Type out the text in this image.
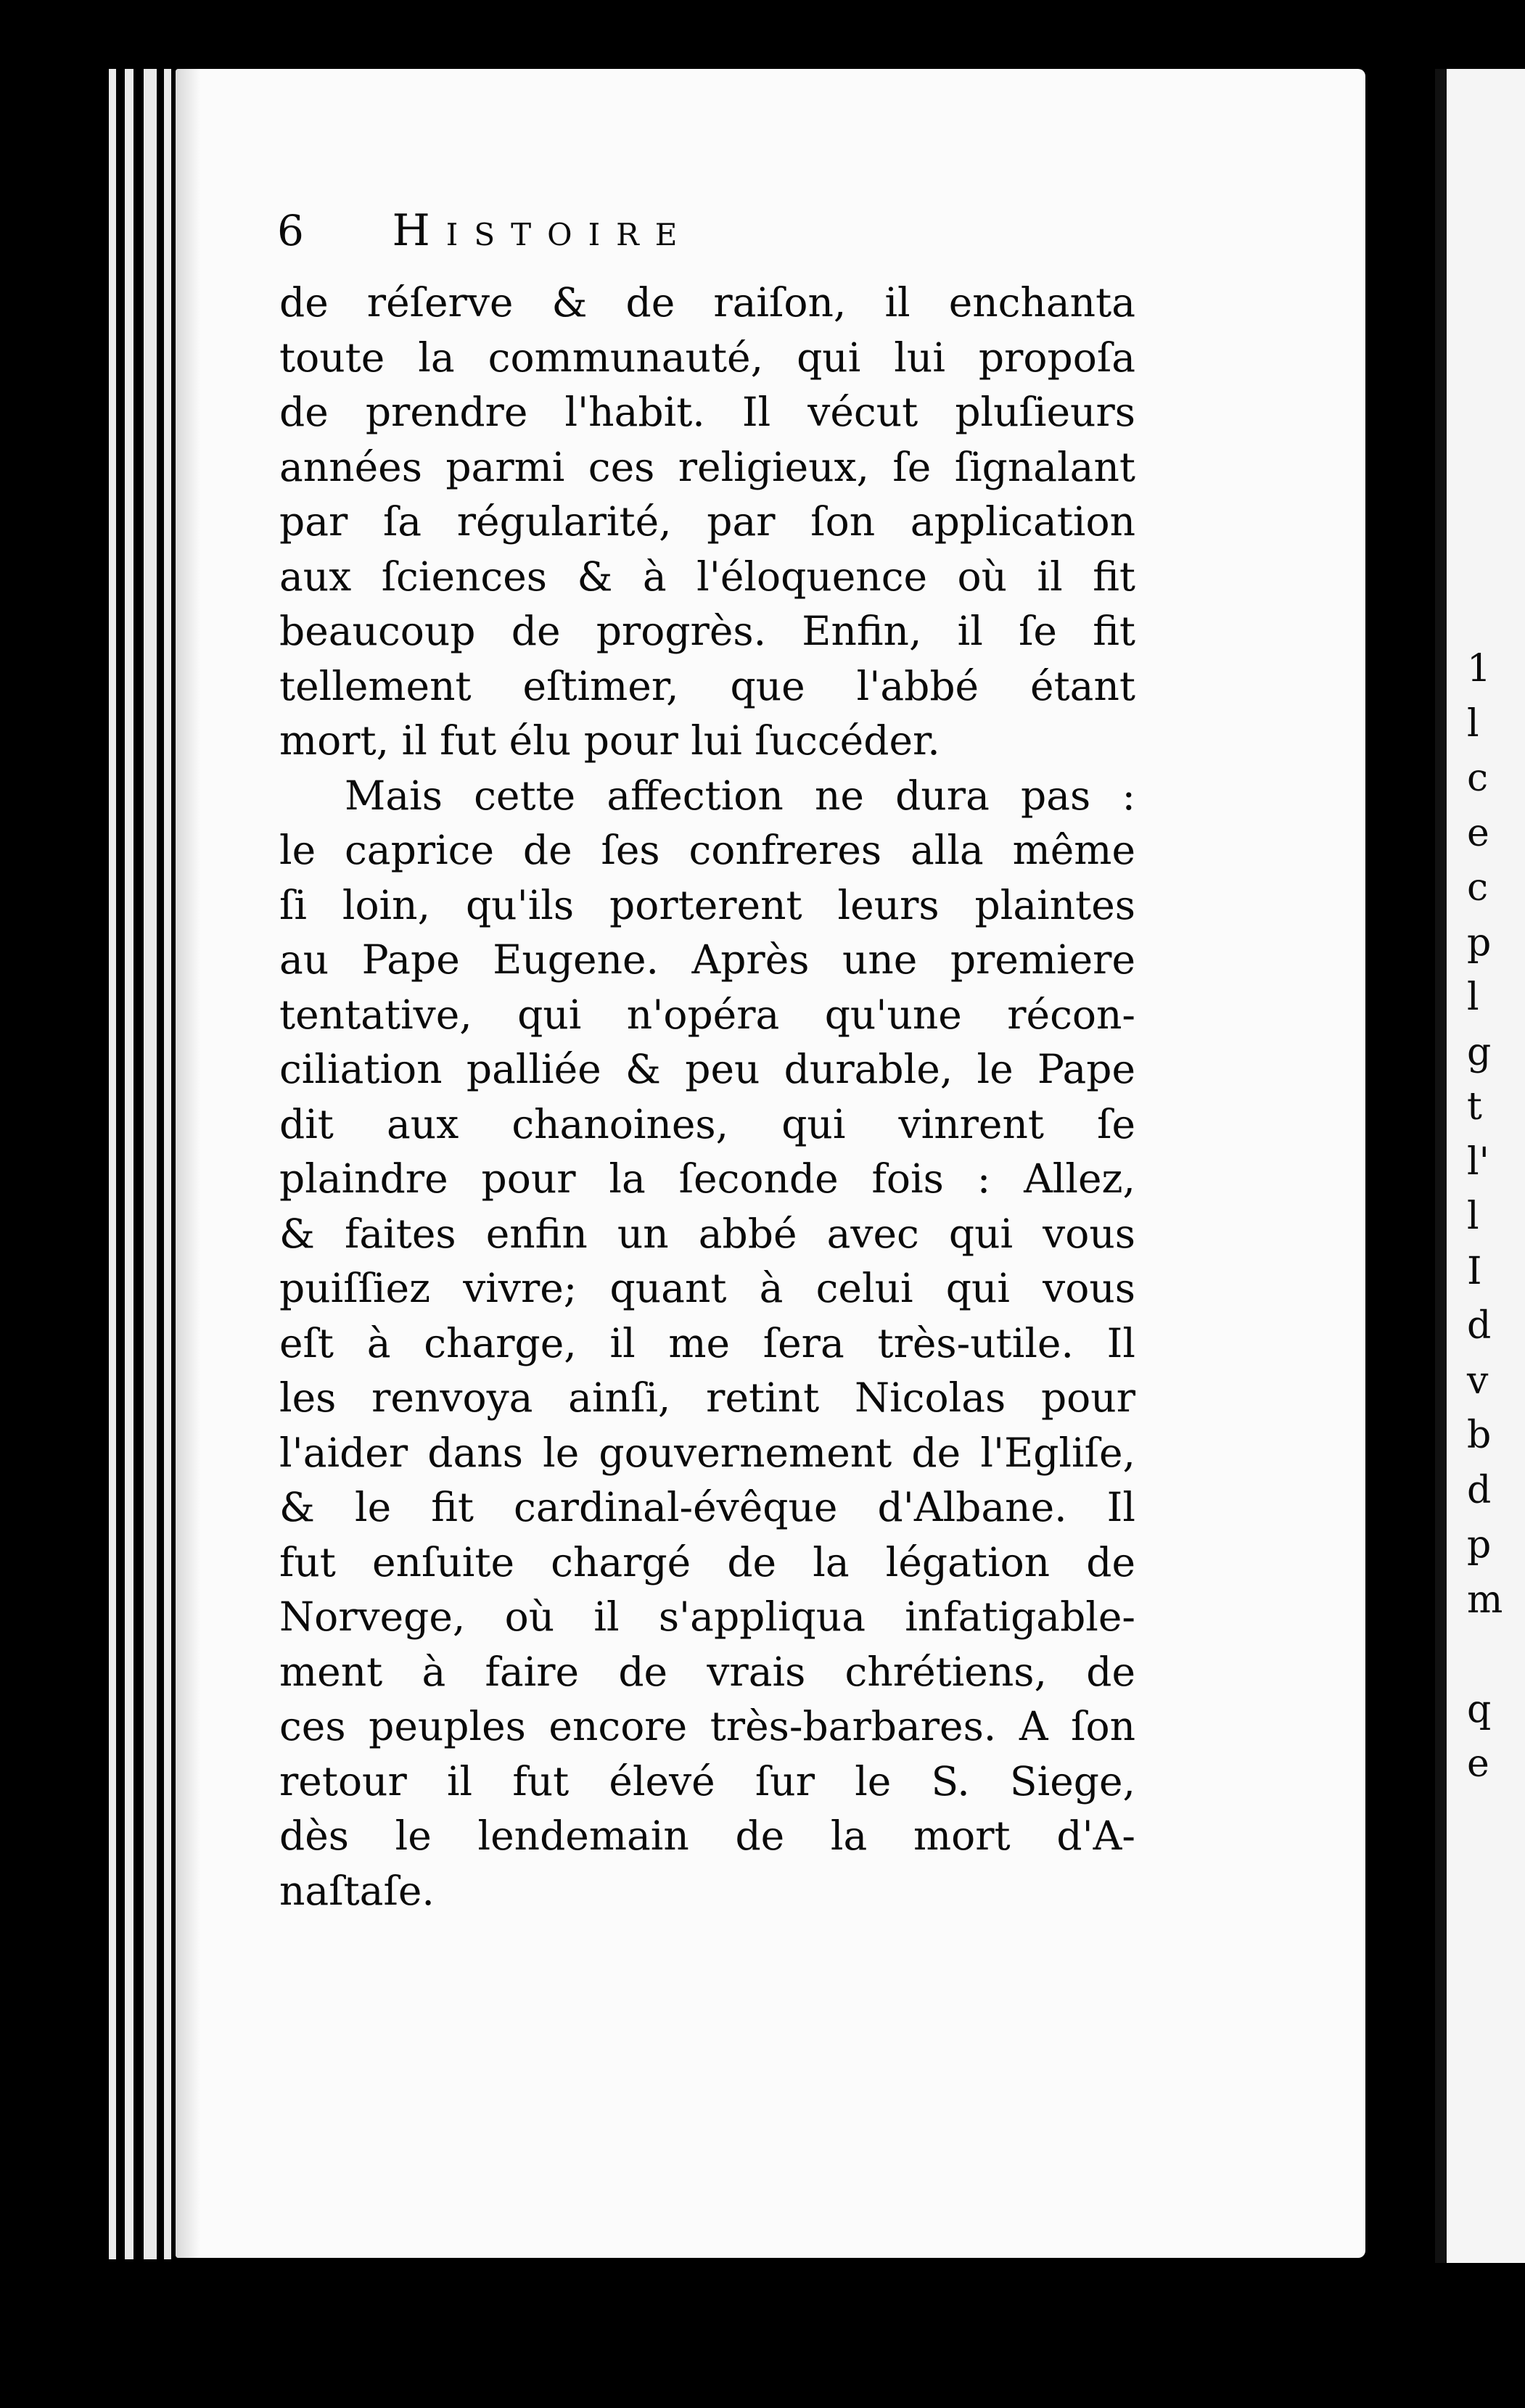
6 Histoire
de réſerve & de raiſon, il enchanta
toute la communauté, qui lui propoſa
de prendre l'habit. Il vécut pluſieurs
années parmi ces religieux, ſe ſignalant
par ſa régularité, par ſon application
aux ſciences & à l'éloquence où il fit
beaucoup de progrès. Enfin, il ſe fit
tellement eſtimer, que l'abbé étant
mort, il fut élu pour lui ſuccéder.
Mais cette affection ne dura pas :
le caprice de ſes confreres alla même
ſi loin, qu'ils porterent leurs plaintes
au Pape Eugene. Après une premiere
tentative, qui n'opéra qu'une récon-
ciliation palliée & peu durable, le Pape
dit aux chanoines, qui vinrent ſe
plaindre pour la ſeconde fois : Allez,
& faites enfin un abbé avec qui vous
puiſſiez vivre; quant à celui qui vous
eſt à charge, il me ſera très-utile. Il
les renvoya ainſi, retint Nicolas pour
l'aider dans le gouvernement de l'Egliſe,
& le fit cardinal-évêque d'Albane. Il
fut enſuite chargé de la légation de
Norvege, où il s'appliqua infatigable-
ment à faire de vrais chrétiens, de
ces peuples encore très-barbares. A ſon
retour il fut élevé ſur le S. Siege,
dès le lendemain de la mort d'A-
naſtaſe.
1
l
c
e
c
p
l
g
t
l'
l
I
d
v
b
d
p
m
q
e
